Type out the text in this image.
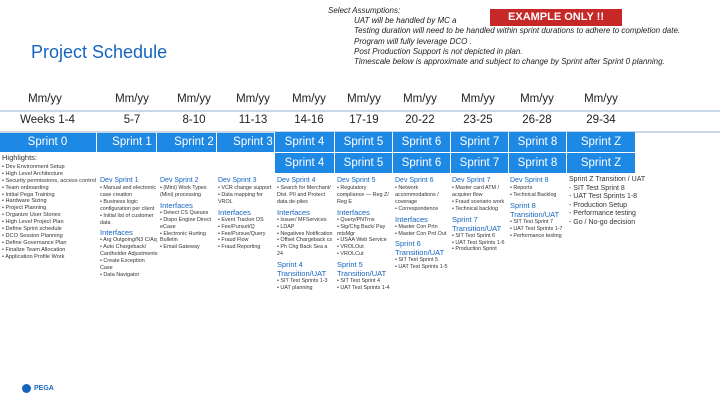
Project Schedule
Select Assumptions:
UAT will be handled by MC a
Testing duration will need to be handled within sprint durations to adhere to completion date.
Program will fully leverage DCO .
Post Production Support is not depicted in plan.
Timescale below is approximate and subject to change by Sprint after Sprint 0 planning.
EXAMPLE ONLY !!
Mm/yy	Mm/yy	Mm/yy	Mm/yy	Mm/yy	Mm/yy	Mm/yy	Mm/yy	Mm/yy	Mm/yy
Weeks 1-4	5-7	8-10	11-13	14-16	17-19	20-22	23-25	26-28	29-34
Sprint 0	Sprint 1	Sprint 2	Sprint 3	Sprint 4	Sprint 5	Sprint 6	Sprint 7	Sprint 8	Sprint Z
Sprint 4	Sprint 5	Sprint 6	Sprint 7	Sprint 8	Sprint Z
Highlights:
• Dev Environment Setup
• High Level Architecture
• Security permissions, access control
• Team onboarding
• Initial Pega Training
• Hardware Sizing
• Project Planning
• Organize User Stories
• High Level Project Plan
• Define Sprint schedule
• DCO Session Planning
• Define Governance Plan
• Finalize Team Allocation
• Application Profile Work
Dev Sprint 1
• Manual and electronic case creation
• Business logic configuration per client
• Initial list of customer data
Interfaces
• Arg Outgoing/N3 C/Aq
• Auto Chargeback/ Cardholder Adjustments
• Create Exception Case
• Data Navigator
Dev Sprint 2
• (Mini) Work Types (Mini) processing
Interfaces
• Detect CS Queues
• Dispo Engine Direct eCase
• Electronic Hurting Bulletin
• Email Gateway
Dev Sprint 3
• VCR change support
• Data mapping for VROL
Interfaces
• Event Tracker DS
• Fee/Pursuit/Q
• Fee/Pursue/Query
• Fraud Flow
• Fraud Reporting
Dev Sprint 4
• Search for Merchant/ Dist. PII and Protect data de-piles
Interfaces
• Issuer/ MFServices
• LDAP
• Negatives Notification
• Offset Chargeback cs
• Ph Chg Back Sea a 24
Sprint 4 Transition/UAT
• SIT Test Sprints 1-3
• UAT planning
Dev Sprint 5
• Regulatory compliance — Reg Z/ Reg E
Interfaces
• Query/PNTrns
• Sig/Chg Back/ Pay mtsMgr
• USAA Web Service
• VROLOut
• VROLCut
Sprint 5 Transition/UAT
• SIT Test Sprint 4
• UAT Test Sprints 1-4
Dev Sprint 6
• Network accommodations / coverage
• Correspondence
Interfaces
• Master Con Prtn
• Master Con Prd Out
Sprint 6 Transition/UAT
• SIT Test Sprint 5
• UAT Test Sprints 1-5
Dev Sprint 7
• Master card ATM / acquirer flow
• Fraud scenario work
• Technical backlog
Sprint 7 Transition/UAT
• SIT Test Sprint 6
• UAT Test Sprints 1-6
• Production Sprint
Dev Sprint 8
• Reports
• Technical Backlog
Sprint 8 Transition/UAT
• SIT Test Sprint 7
• UAT Test Sprints 1-7
• Performance testing
Sprint Z Transition / UAT
- SIT Test Sprint 8
- UAT Test Sprints 1-8
- Production Setup
- Performance testing
- Go / No-go decision
PEGA
